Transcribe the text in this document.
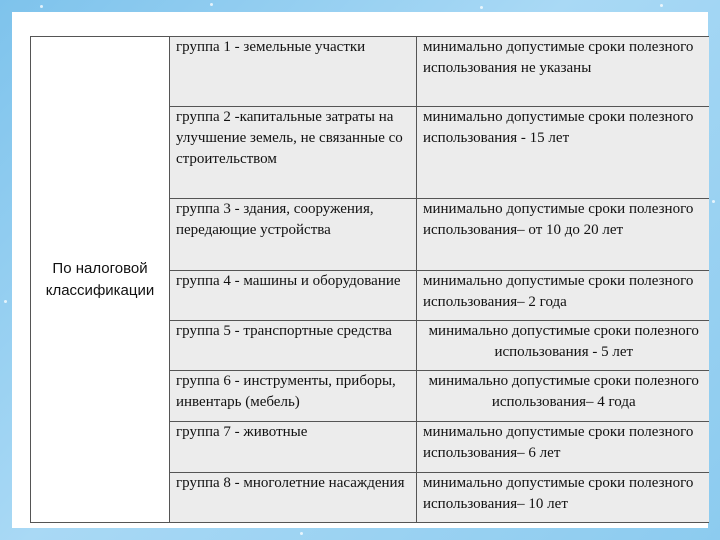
По налоговой классификации	группа 1 - земельные участки	минимально допустимые сроки полезного использования не указаны
	группа 2 -капитальные затраты на улучшение земель, не связанные со строительством	минимально допустимые сроки полезного использования - 15 лет
	группа 3 - здания, сооружения, передающие устройства	минимально допустимые сроки полезного использования– от 10 до 20 лет
	группа 4 - машины и оборудование	минимально допустимые сроки полезного использования– 2 года
	группа 5 - транспортные средства	минимально допустимые сроки полезного использования - 5 лет
	группа 6 - инструменты, приборы, инвентарь (мебель)	минимально допустимые сроки полезного использования– 4 года
	группа 7 - животные	минимально допустимые сроки полезного использования– 6 лет
	группа 8 - многолетние насаждения	минимально допустимые сроки полезного использования– 10 лет
